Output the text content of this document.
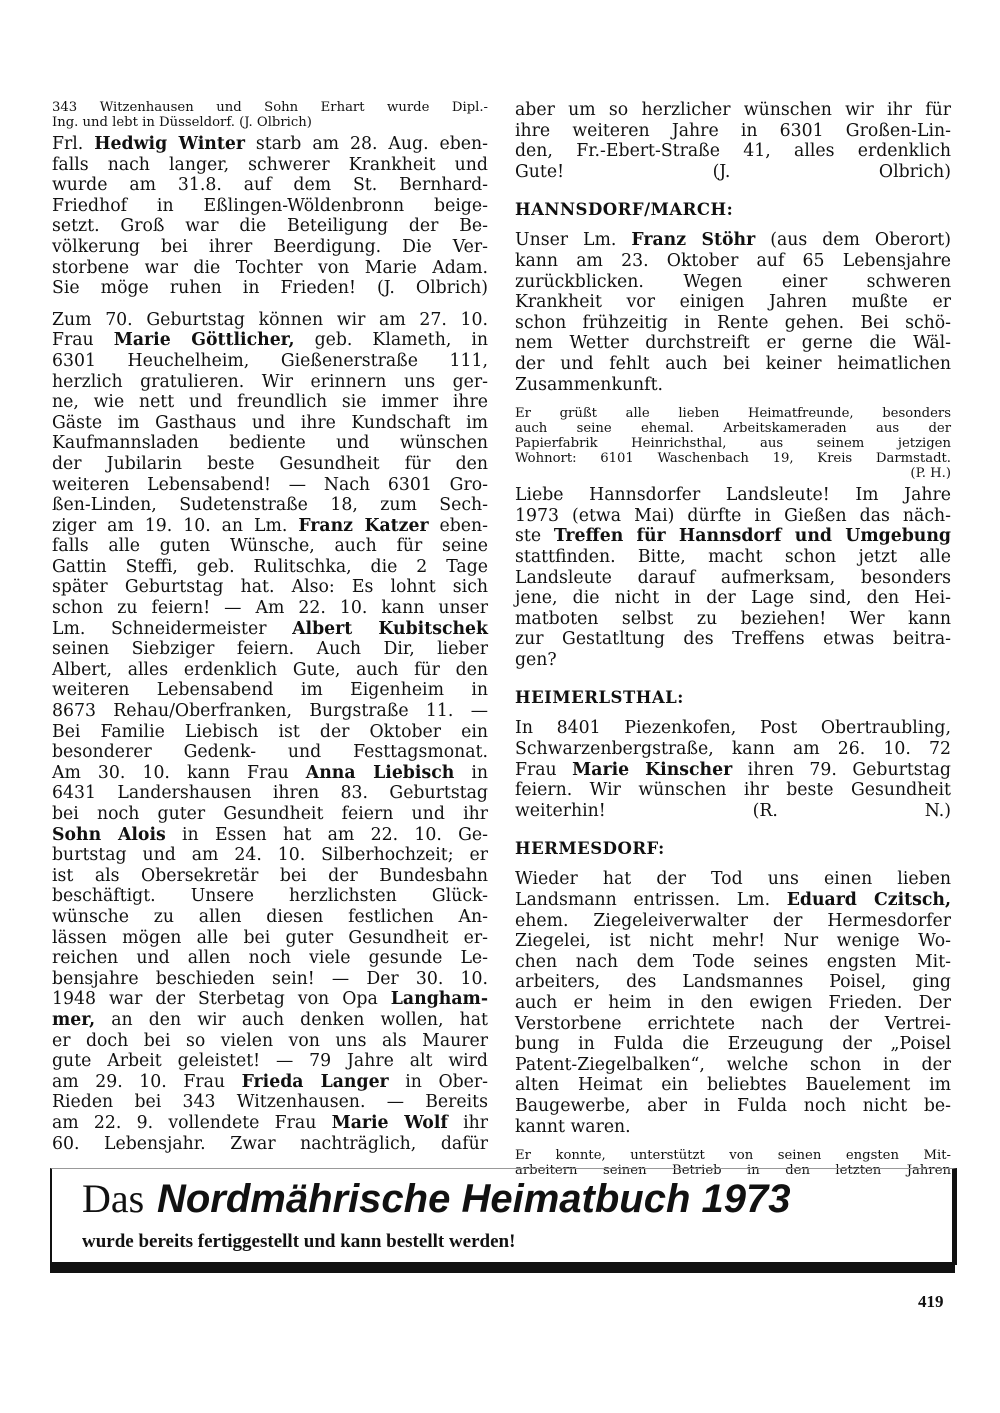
343 Witzenhausen und Sohn Erhart wurde Dipl.-
Ing. und lebt in Düsseldorf. (J. Olbrich)
Frl. Hedwig Winter starb am 28. Aug. eben-
falls nach langer, schwerer Krankheit und
wurde am 31.8. auf dem St. Bernhard-
Friedhof in Eßlingen-Wöldenbronn beige-
setzt. Groß war die Beteiligung der Be-
völkerung bei ihrer Beerdigung. Die Ver-
storbene war die Tochter von Marie Adam.
Sie möge ruhen in Frieden! (J. Olbrich)
Zum 70. Geburtstag können wir am 27. 10.
Frau Marie Göttlicher, geb. Klameth, in
6301 Heuchelheim, Gießenerstraße 111,
herzlich gratulieren. Wir erinnern uns ger-
ne, wie nett und freundlich sie immer ihre
Gäste im Gasthaus und ihre Kundschaft im
Kaufmannsladen bediente und wünschen
der Jubilarin beste Gesundheit für den
weiteren Lebensabend! — Nach 6301 Gro-
ßen-Linden, Sudetenstraße 18, zum Sech-
ziger am 19. 10. an Lm. Franz Katzer eben-
falls alle guten Wünsche, auch für seine
Gattin Steffi, geb. Rulitschka, die 2 Tage
später Geburtstag hat. Also: Es lohnt sich
schon zu feiern! — Am 22. 10. kann unser
Lm. Schneidermeister Albert Kubitschek
seinen Siebziger feiern. Auch Dir, lieber
Albert, alles erdenklich Gute, auch für den
weiteren Lebensabend im Eigenheim in
8673 Rehau/Oberfranken, Burgstraße 11. —
Bei Familie Liebisch ist der Oktober ein
besonderer Gedenk- und Festtagsmonat.
Am 30. 10. kann Frau Anna Liebisch in
6431 Landershausen ihren 83. Geburtstag
bei noch guter Gesundheit feiern und ihr
Sohn Alois in Essen hat am 22. 10. Ge-
burtstag und am 24. 10. Silberhochzeit; er
ist als Obersekretär bei der Bundesbahn
beschäftigt. Unsere herzlichsten Glück-
wünsche zu allen diesen festlichen An-
lässen mögen alle bei guter Gesundheit er-
reichen und allen noch viele gesunde Le-
bensjahre beschieden sein! — Der 30. 10.
1948 war der Sterbetag von Opa Langham-
mer, an den wir auch denken wollen, hat
er doch bei so vielen von uns als Maurer
gute Arbeit geleistet! — 79 Jahre alt wird
am 29. 10. Frau Frieda Langer in Ober-
Rieden bei 343 Witzenhausen. — Bereits
am 22. 9. vollendete Frau Marie Wolf ihr
60. Lebensjahr. Zwar nachträglich, dafür
aber um so herzlicher wünschen wir ihr für
ihre weiteren Jahre in 6301 Großen-Lin-
den, Fr.-Ebert-Straße 41, alles erdenklich
Gute! (J. Olbrich)
HANNSDORF/MARCH:
Unser Lm. Franz Stöhr (aus dem Oberort)
kann am 23. Oktober auf 65 Lebensjahre
zurückblicken. Wegen einer schweren
Krankheit vor einigen Jahren mußte er
schon frühzeitig in Rente gehen. Bei schö-
nem Wetter durchstreift er gerne die Wäl-
der und fehlt auch bei keiner heimatlichen
Zusammenkunft.
Er grüßt alle lieben Heimatfreunde, besonders
auch seine ehemal. Arbeitskameraden aus der
Papierfabrik Heinrichsthal, aus seinem jetzigen
Wohnort: 6101 Waschenbach 19, Kreis Darmstadt.
(P. H.)
Liebe Hannsdorfer Landsleute! Im Jahre
1973 (etwa Mai) dürfte in Gießen das näch-
ste Treffen für Hannsdorf und Umgebung
stattfinden. Bitte, macht schon jetzt alle
Landsleute darauf aufmerksam, besonders
jene, die nicht in der Lage sind, den Hei-
matboten selbst zu beziehen! Wer kann
zur Gestatltung des Treffens etwas beitra-
gen?
HEIMERLSTHAL:
In 8401 Piezenkofen, Post Obertraubling,
Schwarzenbergstraße, kann am 26. 10. 72
Frau Marie Kinscher ihren 79. Geburtstag
feiern. Wir wünschen ihr beste Gesundheit
weiterhin! (R. N.)
HERMESDORF:
Wieder hat der Tod uns einen lieben
Landsmann entrissen. Lm. Eduard Czitsch,
ehem. Ziegeleiverwalter der Hermesdorfer
Ziegelei, ist nicht mehr! Nur wenige Wo-
chen nach dem Tode seines engsten Mit-
arbeiters, des Landsmannes Poisel, ging
auch er heim in den ewigen Frieden. Der
Verstorbene errichtete nach der Vertrei-
bung in Fulda die Erzeugung der „Poisel
Patent-Ziegelbalken“, welche schon in der
alten Heimat ein beliebtes Bauelement im
Baugewerbe, aber in Fulda noch nicht be-
kannt waren.
Er konnte, unterstützt von seinen engsten Mit-
arbeitern seinen Betrieb in den letzten Jahren
Das Nordmährische Heimatbuch 1973
wurde bereits fertiggestellt und kann bestellt werden!
419
